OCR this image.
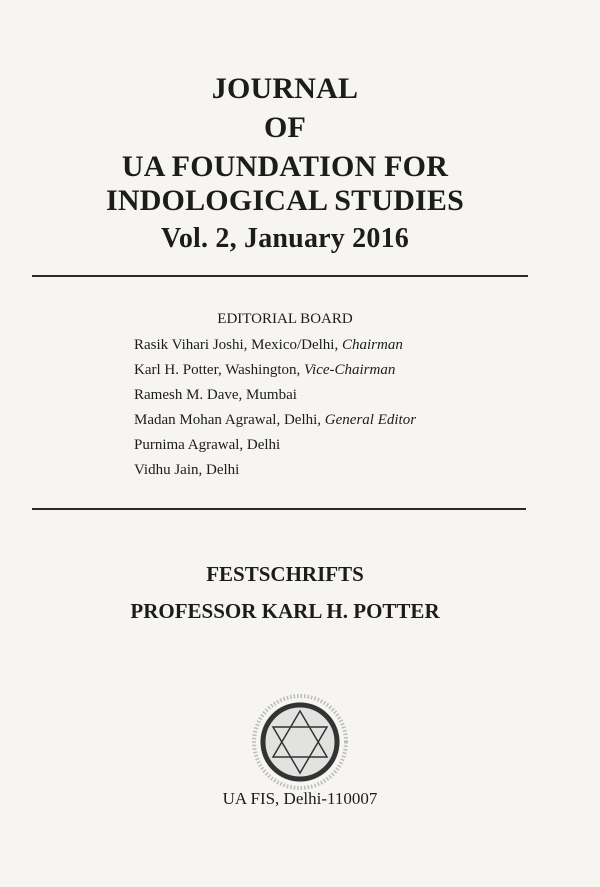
JOURNAL
OF
UA FOUNDATION FOR
INDOLOGICAL STUDIES
Vol. 2, January 2016
EDITORIAL BOARD
Rasik Vihari Joshi, Mexico/Delhi, Chairman
Karl H. Potter, Washington, Vice-Chairman
Ramesh M. Dave, Mumbai
Madan Mohan Agrawal, Delhi, General Editor
Purnima Agrawal, Delhi
Vidhu Jain, Delhi
FESTSCHRIFTS
PROFESSOR KARL H. POTTER
UA FIS, Delhi-110007
